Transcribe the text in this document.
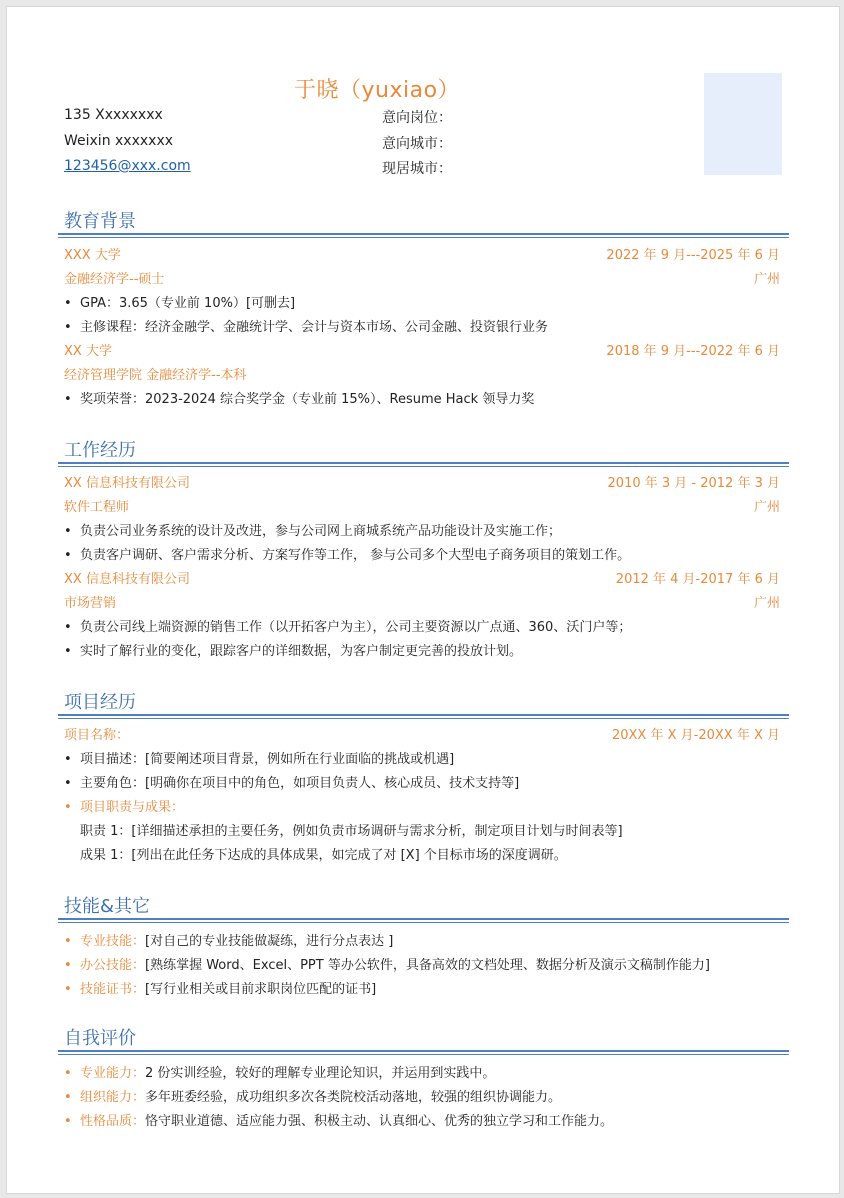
于晓（yuxiao）
135 Xxxxxxxx
Weixin xxxxxxx
123456@xxx.com
意向岗位：
意向城市：
现居城市：
教育背景
XXX 大学	2022 年 9 月---2025 年 6 月
金融经济学--硕士	广州
• GPA：3.65（专业前 10%）[可删去]
• 主修课程：经济金融学、金融统计学、会计与资本市场、公司金融、投资银行业务
XX 大学	2018 年 9 月---2022 年 6 月
经济管理学院 金融经济学--本科
• 奖项荣誉：2023-2024 综合奖学金（专业前 15%）、Resume Hack 领导力奖
工作经历
XX 信息科技有限公司	2010 年 3 月 - 2012 年 3 月
软件工程师	广州
• 负责公司业务系统的设计及改进，参与公司网上商城系统产品功能设计及实施工作；
• 负责客户调研、客户需求分析、方案写作等工作， 参与公司多个大型电子商务项目的策划工作。
XX 信息科技有限公司	2012 年 4 月-2017 年 6 月
市场营销	广州
• 负责公司线上端资源的销售工作（以开拓客户为主），公司主要资源以广点通、360、沃门户等；
• 实时了解行业的变化，跟踪客户的详细数据，为客户制定更完善的投放计划。
项目经历
项目名称：	20XX 年 X 月-20XX 年 X 月
• 项目描述：[简要阐述项目背景，例如所在行业面临的挑战或机遇]
• 主要角色：[明确你在项目中的角色，如项目负责人、核心成员、技术支持等]
• 项目职责与成果：
职责 1：[详细描述承担的主要任务，例如负责市场调研与需求分析，制定项目计划与时间表等]
成果 1：[列出在此任务下达成的具体成果，如完成了对 [X] 个目标市场的深度调研。
技能&其它
• 专业技能：[对自己的专业技能做凝练，进行分点表达 ]
• 办公技能：[熟练掌握 Word、Excel、PPT 等办公软件，具备高效的文档处理、数据分析及演示文稿制作能力]
• 技能证书：[写行业相关或目前求职岗位匹配的证书]
自我评价
• 专业能力：2 份实训经验，较好的理解专业理论知识，并运用到实践中。
• 组织能力：多年班委经验，成功组织多次各类院校活动落地，较强的组织协调能力。
• 性格品质：恪守职业道德、适应能力强、积极主动、认真细心、优秀的独立学习和工作能力。
